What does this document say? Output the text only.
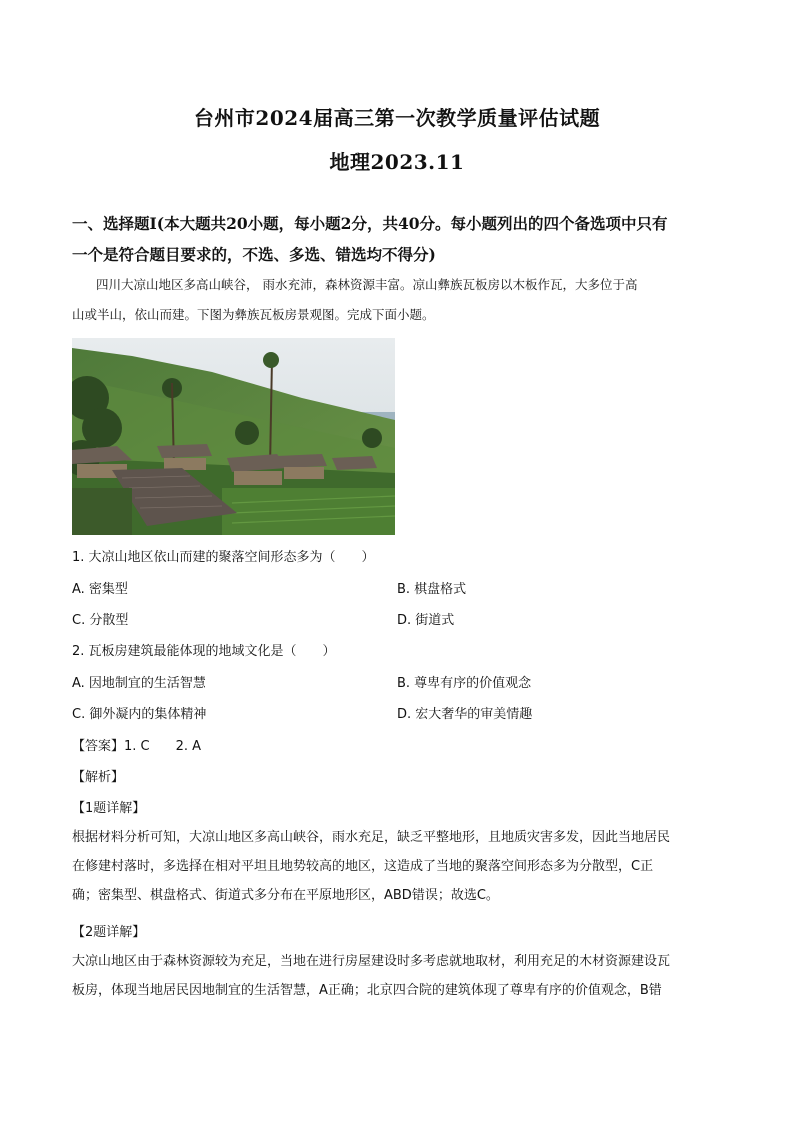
台州市2024届高三第一次教学质量评估试题
地理2023.11
一、选择题Ⅰ(本大题共20小题，每小题2分，共40分。每小题列出的四个备选项中只有
一个是符合题目要求的，不选、多选、错选均不得分)
四川大凉山地区多高山峡谷， 雨水充沛，森林资源丰富。凉山彝族瓦板房以木板作瓦，大多位于高
山或半山，依山而建。下图为彝族瓦板房景观图。完成下面小题。
1. 大凉山地区依山而建的聚落空间形态多为（　　）
A. 密集型	B. 棋盘格式
C. 分散型	D. 街道式
2. 瓦板房建筑最能体现的地域文化是（　　）
A. 因地制宜的生活智慧	B. 尊卑有序的价值观念
C. 御外凝内的集体精神	D. 宏大奢华的审美情趣
【答案】1. C　　2. A
【解析】
【1题详解】
根据材料分析可知，大凉山地区多高山峡谷，雨水充足，缺乏平整地形，且地质灾害多发，因此当地居民
在修建村落时，多选择在相对平坦且地势较高的地区，这造成了当地的聚落空间形态多为分散型，C正
确；密集型、棋盘格式、街道式多分布在平原地形区，ABD错误；故选C。
【2题详解】
大凉山地区由于森林资源较为充足，当地在进行房屋建设时多考虑就地取材，利用充足的木材资源建设瓦
板房，体现当地居民因地制宜的生活智慧，A正确；北京四合院的建筑体现了尊卑有序的价值观念，B错
